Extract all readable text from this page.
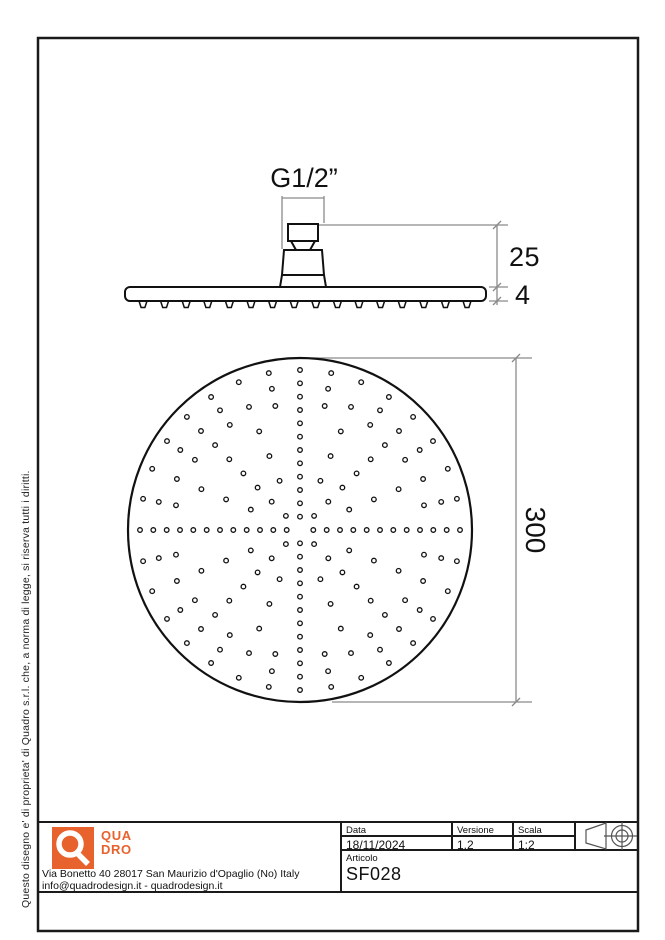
G1/2”
25
4
300
Questo disegno e' di proprieta' di Quadro s.r.l. che, a norma di legge, si riserva tutti i diritti.	QUA
DRO
Via Bonetto 40 28017 San Maurizio d'Opaglio (No) Italy
info@quadrodesign.it - quadrodesign.it
Data	Versione	Scala
18/11/2024	1.2	1:2
Articolo
SF028
